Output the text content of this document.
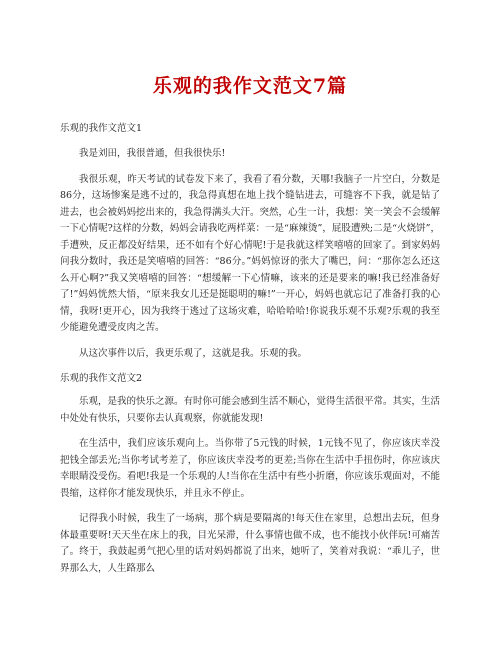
乐观的我作文范文7篇

乐观的我作文范文1

我是刘田，我很普通，但我很快乐!

我很乐观，昨天考试的试卷发下来了，我看了看分数，天哪!我脑子一片空白，分数是86分，这场惨案是逃不过的，我急得真想在地上找个缝钻进去，可缝容不下我，就是钻了进去，也会被妈妈挖出来的，我急得满头大汗。突然，心生一计，我想：笑一笑会不会缓解一下心情呢?这样的分数，妈妈会请我吃两样菜：一是“麻辣烫”，屁股遭殃;二是“火烧饼”，手遭殃，反正都没好结果，还不如有个好心情呢!于是我就这样笑嘻嘻的回家了。到家妈妈问我分数时，我还是笑嘻嘻的回答：“86分。”妈妈惊讶的张大了嘴巴，问：“那你怎么还这么开心啊?”我又笑嘻嘻的回答：“想缓解一下心情嘛，该来的还是要来的嘛!我已经准备好了!”妈妈恍然大悟，“原来我女儿还是挺聪明的嘛!”一开心，妈妈也就忘记了准备打我的心情，我呀!更开心，因为我终于逃过了这场灾难，哈哈哈哈!你说我乐观不乐观?乐观的我至少能避免遭受皮肉之苦。

从这次事件以后，我更乐观了，这就是我。乐观的我。

乐观的我作文范文2

乐观，是我的快乐之源。有时你可能会感到生活不顺心，觉得生活很平常。其实，生活中处处有快乐，只要你去认真观察，你就能发现!

在生活中，我们应该乐观向上。当你带了5元钱的时候，1元钱不见了，你应该庆幸没把钱全部丢光;当你考试考差了，你应该庆幸没考的更差;当你在生活中手扭伤时，你应该庆幸眼睛没受伤。看吧!我是一个乐观的人!当你在生活中有些小折磨，你应该乐观面对，不能畏缩，这样你才能发现快乐，并且永不停止。

记得我小时候，我生了一场病，那个病是要隔离的!每天住在家里，总想出去玩，但身体最重要呀!天天坐在床上的我，目光呆滞，什么事情也做不成，也不能找小伙伴玩!可痛苦了。终于，我鼓起勇气把心里的话对妈妈都说了出来，她听了，笑着对我说：“乖儿子，世界那么大，人生路那么
